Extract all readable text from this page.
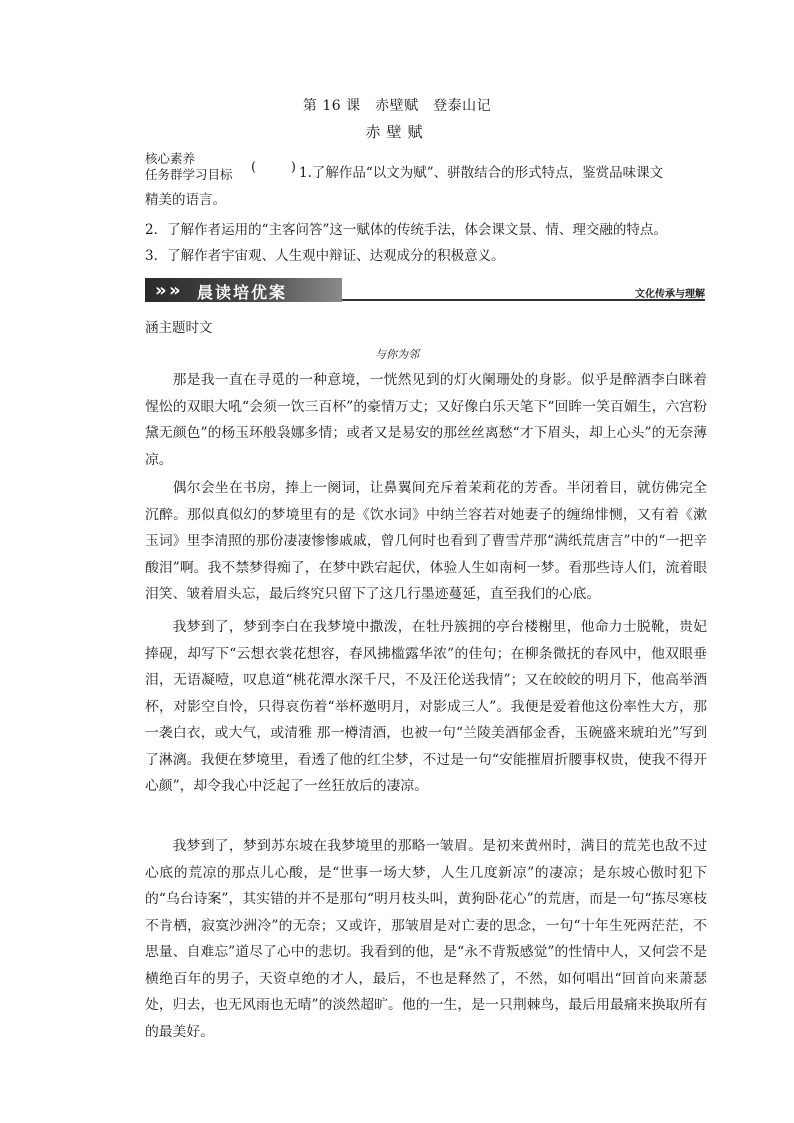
第 16 课　赤壁赋　登泰山记
赤壁赋
核心素养
任务群学习目标 (	) 1.了解作品“以文为赋”、骈散结合的形式特点，鉴赏品味课文
精美的语言。
2．了解作者运用的“主客问答”这一赋体的传统手法，体会课文景、情、理交融的特点。
3．了解作者宇宙观、人生观中辩证、达观成分的积极意义。
» » 晨读培优案	文化传承与理解
涵主题时文
与你为邻

那是我一直在寻觅的一种意境，一恍然见到的灯火阑珊处的身影。似乎是醉酒李白眯着惺忪的双眼大吼“会须一饮三百杯”的豪情万丈；又好像白乐天笔下“回眸一笑百媚生，六宫粉黛无颜色”的杨玉环般袅娜多情；或者又是易安的那丝丝离愁“才下眉头，却上心头”的无奈薄凉。

偶尔会坐在书房，捧上一阕词，让鼻翼间充斥着茉莉花的芳香。半闭着目，就仿佛完全沉醉。那似真似幻的梦境里有的是《饮水词》中纳兰容若对她妻子的缠绵悱恻，又有着《漱玉词》里李清照的那份凄凄惨惨戚戚，曾几何时也看到了曹雪芹那“满纸荒唐言”中的“一把辛酸泪”啊。我不禁梦得痴了，在梦中跌宕起伏，体验人生如南柯一梦。看那些诗人们，流着眼泪笑、皱着眉头忘，最后终究只留下了这几行墨迹蔓延，直至我们的心底。

我梦到了，梦到李白在我梦境中撒泼，在牡丹簇拥的亭台楼榭里，他命力士脱靴，贵妃捧砚，却写下“云想衣裳花想容，春风拂槛露华浓”的佳句；在柳条微抚的春风中，他双眼垂泪，无语凝噎，叹息道“桃花潭水深千尺，不及汪伦送我情”；又在皎皎的明月下，他高举酒杯，对影空自怜，只得哀伤着“举杯邀明月，对影成三人”。我便是爱着他这份率性大方，那一袭白衣，或大气，或清雅 那一樽清酒，也被一句“兰陵美酒郁金香，玉碗盛来琥珀光”写到了淋漓。我便在梦境里，看透了他的红尘梦，不过是一句“安能摧眉折腰事权贵，使我不得开心颜”，却令我心中泛起了一丝狂放后的凄凉。

我梦到了，梦到苏东坡在我梦境里的那略一皱眉。是初来黄州时，满目的荒芜也敌不过心底的荒凉的那点儿心酸，是“世事一场大梦，人生几度新凉”的凄凉；是东坡心傲时犯下的“乌台诗案”，其实错的并不是那句“明月枝头叫，黄狗卧花心”的荒唐，而是一句“拣尽寒枝不肯栖，寂寞沙洲冷”的无奈；又或许，那皱眉是对亡妻的思念，一句“十年生死两茫茫，不思量、自难忘”道尽了心中的悲切。我看到的他，是“永不背叛感觉”的性情中人，又何尝不是横绝百年的男子，天资卓绝的才人，最后，不也是释然了，不然，如何唱出“回首向来萧瑟处，归去，也无风雨也无晴”的淡然超旷。他的一生，是一只荆棘鸟，最后用最痛来换取所有的最美好。
